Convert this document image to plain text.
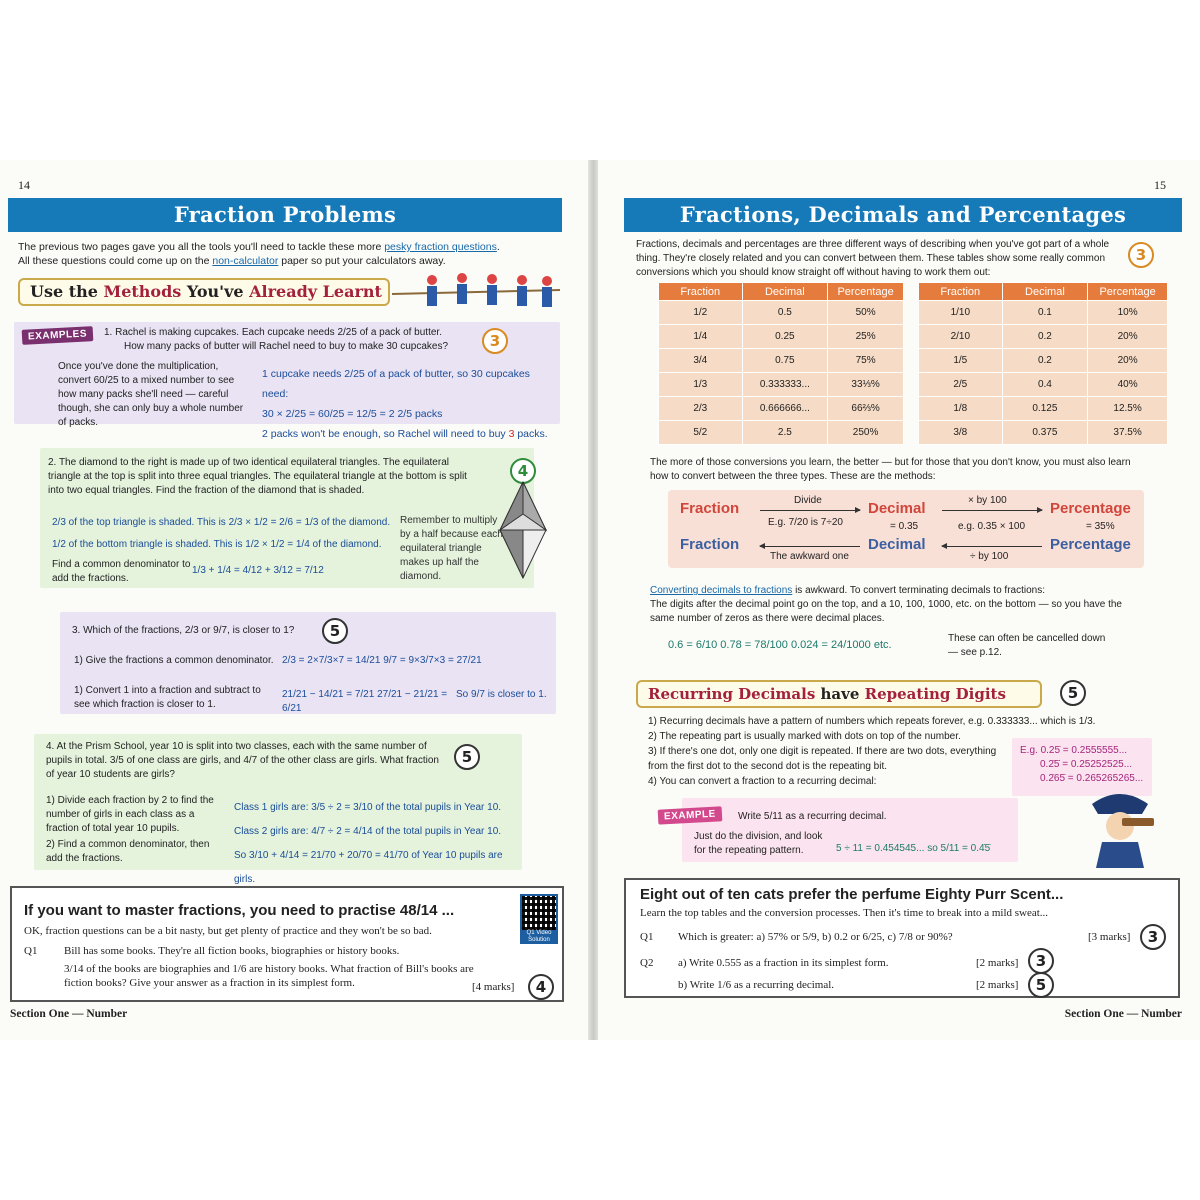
14
Fraction Problems
The previous two pages gave you all the tools you'll need to tackle these more pesky fraction questions.
All these questions could come up on the non-calculator paper so put your calculators away.
Use the Methods You've Already Learnt
EXAMPLES	1. Rachel is making cupcakes. Each cupcake needs 2/25 of a pack of butter.
How many packs of butter will Rachel need to buy to make 30 cupcakes?	3
Once you've done the multiplication, convert 60/25 to a mixed number to see how many packs she'll need — careful though, she can only buy a whole number of packs.
1 cupcake needs 2/25 of a pack of butter, so 30 cupcakes need:
30 × 2/25 = 60/25 = 12/5 = 2 2/5 packs
2 packs won't be enough, so Rachel will need to buy 3 packs.
2. The diamond to the right is made up of two identical equilateral triangles. The equilateral triangle at the top is split into three equal triangles. The equilateral triangle at the bottom is split into two equal triangles. Find the fraction of the diamond that is shaded.
4
2/3 of the top triangle is shaded. This is 2/3 × 1/2 = 2/6 = 1/3 of the diamond.
1/2 of the bottom triangle is shaded. This is 1/2 × 1/2 = 1/4 of the diamond.
Find a common denominator to add the fractions.
1/3 + 1/4 = 4/12 + 3/12 = 7/12
Remember to multiply by a half because each equilateral triangle makes up half the diamond.
3. Which of the fractions, 2/3 or 9/7, is closer to 1?	5
1) Give the fractions a common denominator. 2/3 = 2×7/3×7 = 14/21 9/7 = 9×3/7×3 = 27/21
1) Convert 1 into a fraction and subtract to see which fraction is closer to 1.
21/21 − 14/21 = 7/21 27/21 − 21/21 = 6/21
So 9/7 is closer to 1.
4. At the Prism School, year 10 is split into two classes, each with the same number of pupils in total. 3/5 of one class are girls, and 4/7 of the other class are girls. What fraction of year 10 students are girls?
5
1) Divide each fraction by 2 to find the number of girls in each class as a fraction of total year 10 pupils.
2) Find a common denominator, then add the fractions.
Class 1 girls are: 3/5 ÷ 2 = 3/10 of the total pupils in Year 10.
Class 2 girls are: 4/7 ÷ 2 = 4/14 of the total pupils in Year 10.
So 3/10 + 4/14 = 21/70 + 20/70 = 41/70 of Year 10 pupils are girls.
If you want to master fractions, you need to practise 48/14 ...
Q1 Video Solution
OK, fraction questions can be a bit nasty, but get plenty of practice and they won't be so bad.
Q1 Bill has some books. They're all fiction books, biographies or history books.
3/14 of the books are biographies and 1/6 are history books. What fraction of Bill's books are fiction books? Give your answer as a fraction in its simplest form.	[4 marks]	4
Section One — Number
15
Fractions, Decimals and Percentages
Fractions, decimals and percentages are three different ways of describing when you've got part of a whole thing. They're closely related and you can convert between them. These tables show some really common conversions which you should know straight off without having to work them out:
3
Fraction	Decimal	Percentage
1/2	0.5	50%
1/4	0.25	25%
3/4	0.75	75%
1/3	0.333333...	33⅓%
2/3	0.666666...	66⅔%
5/2	2.5	250%
Fraction	Decimal	Percentage
1/10	0.1	10%
2/10	0.2	20%
1/5	0.2	20%
2/5	0.4	40%
1/8	0.125	12.5%
3/8	0.375	37.5%
The more of those conversions you learn, the better — but for those that you don't know, you must also learn how to convert between the three types. These are the methods:
Fraction	Decimal	Percentage
Divide
E.g. 7/20 is 7÷20	= 0.35
× by 100
e.g. 0.35 × 100	= 35%
Fraction	Decimal	Percentage
The awkward one	÷ by 100
Converting decimals to fractions is awkward. To convert terminating decimals to fractions:
The digits after the decimal point go on the top, and a 10, 100, 1000, etc. on the bottom — so you have the same number of zeros as there were decimal places.
0.6 = 6/10 0.78 = 78/100 0.024 = 24/1000 etc.
These can often be cancelled down — see p.12.
Recurring Decimals have Repeating Digits	5
1) Recurring decimals have a pattern of numbers which repeats forever, e.g. 0.333333... which is 1/3.
2) The repeating part is usually marked with dots on top of the number.
3) If there's one dot, only one digit is repeated. If there are two dots, everything from the first dot to the second dot is the repeating bit.
4) You can convert a fraction to a recurring decimal:
E.g. 0.25̇ = 0.2555555...
0.2̇5̇ = 0.25252525...
0.2̇65̇ = 0.265265265...
EXAMPLE	Write 5/11 as a recurring decimal.
Just do the division, and look for the repeating pattern.	5 ÷ 11 = 0.454545... so 5/11 = 0.4̇5̇
Eight out of ten cats prefer the perfume Eighty Purr Scent...
Learn the top tables and the conversion processes. Then it's time to break into a mild sweat...
Q1 Which is greater: a) 57% or 5/9, b) 0.2 or 6/25, c) 7/8 or 90%?	[3 marks]	3
Q2 a) Write 0.555 as a fraction in its simplest form.	[2 marks]	3
b) Write 1/6 as a recurring decimal.	[2 marks]	5
Section One — Number
